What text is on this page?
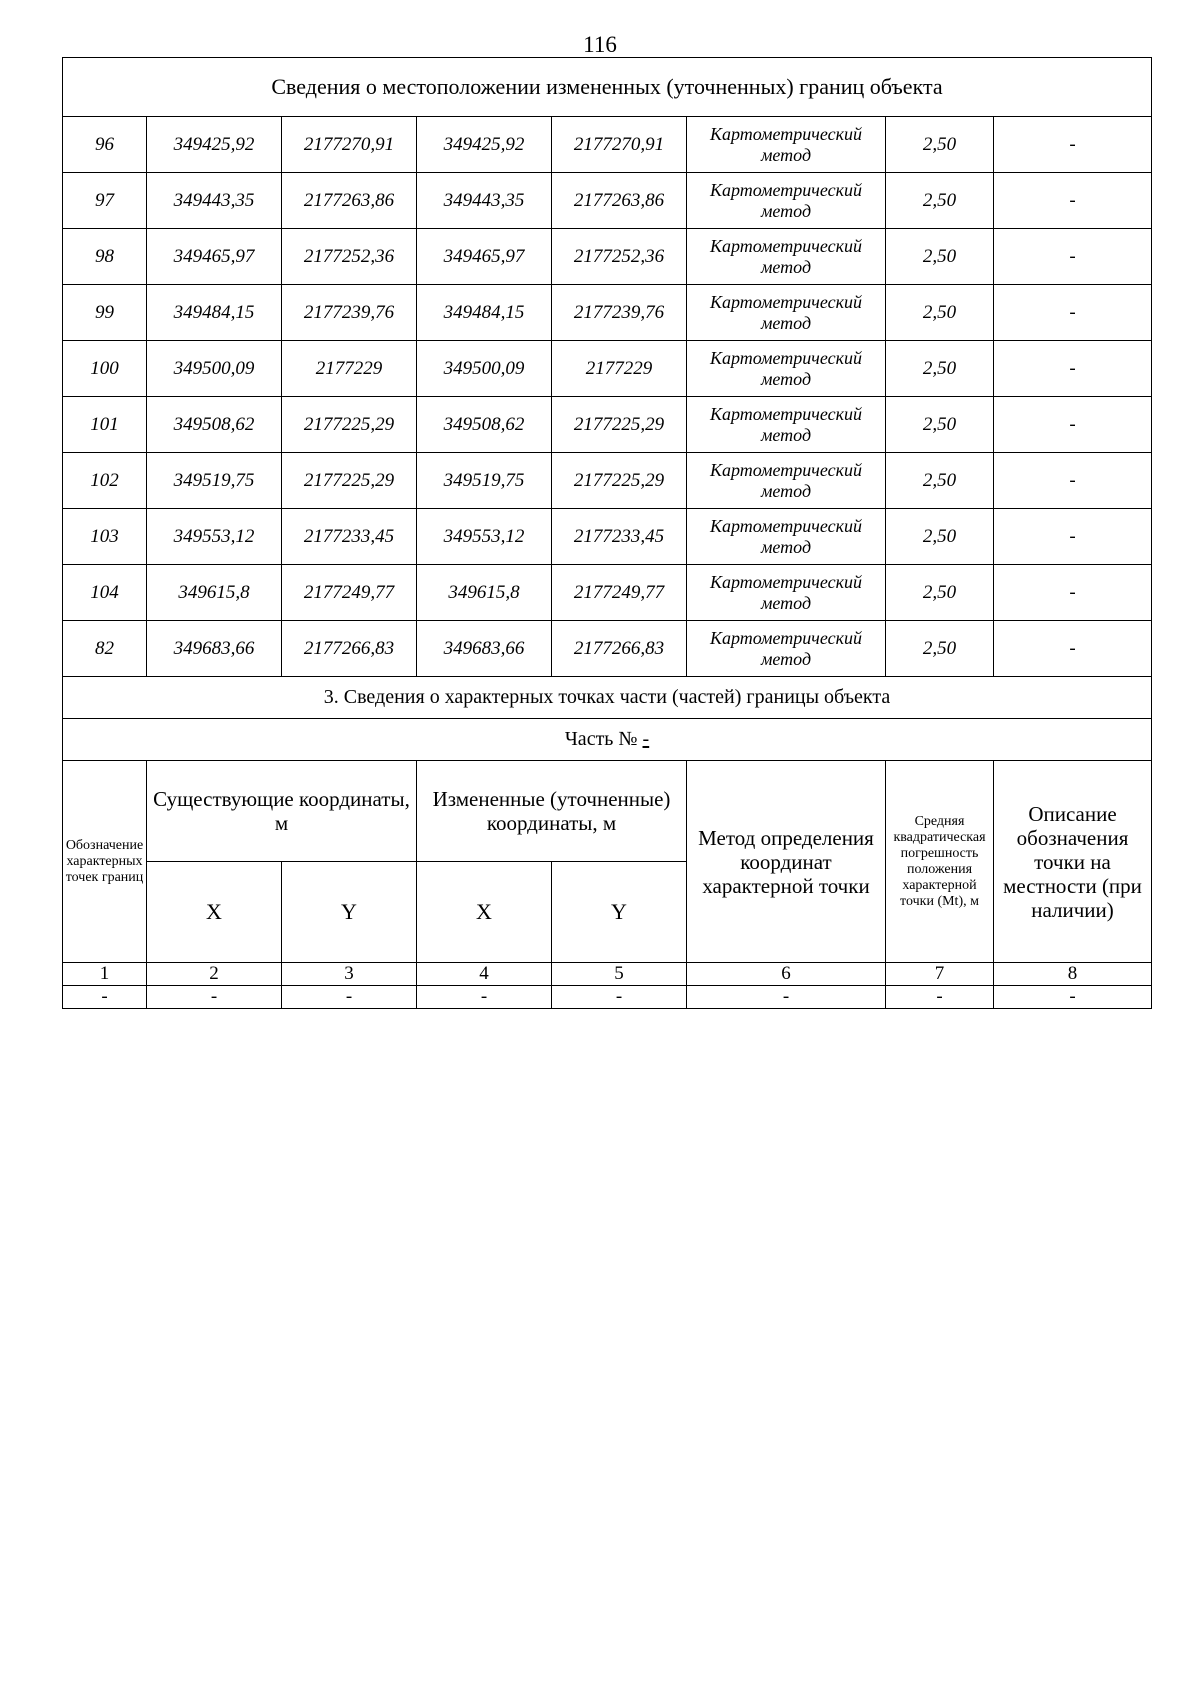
116
Сведения о местоположении измененных (уточненных) границ объекта							
96	349425,92	2177270,91	349425,92	2177270,91	Картометрический метод	2,50	-
97	349443,35	2177263,86	349443,35	2177263,86	Картометрический метод	2,50	-
98	349465,97	2177252,36	349465,97	2177252,36	Картометрический метод	2,50	-
99	349484,15	2177239,76	349484,15	2177239,76	Картометрический метод	2,50	-
100	349500,09	2177229	349500,09	2177229	Картометрический метод	2,50	-
101	349508,62	2177225,29	349508,62	2177225,29	Картометрический метод	2,50	-
102	349519,75	2177225,29	349519,75	2177225,29	Картометрический метод	2,50	-
103	349553,12	2177233,45	349553,12	2177233,45	Картометрический метод	2,50	-
104	349615,8	2177249,77	349615,8	2177249,77	Картометрический метод	2,50	-
82	349683,66	2177266,83	349683,66	2177266,83	Картометрический метод	2,50	-
3. Сведения о характерных точках части (частей) границы объекта							
Часть № -							
Обозначение характерных точек границ	Существующие координаты, м		Измененные (уточненные) координаты, м		Метод определения координат характерной точки	Средняя квадратическая погрешность положения характерной точки (Mt), м	Описание обозначения точки на местности (при наличии)
	X	Y	X	Y			
1	2	3	4	5	6	7	8
-	-	-	-	-	-	-	-
